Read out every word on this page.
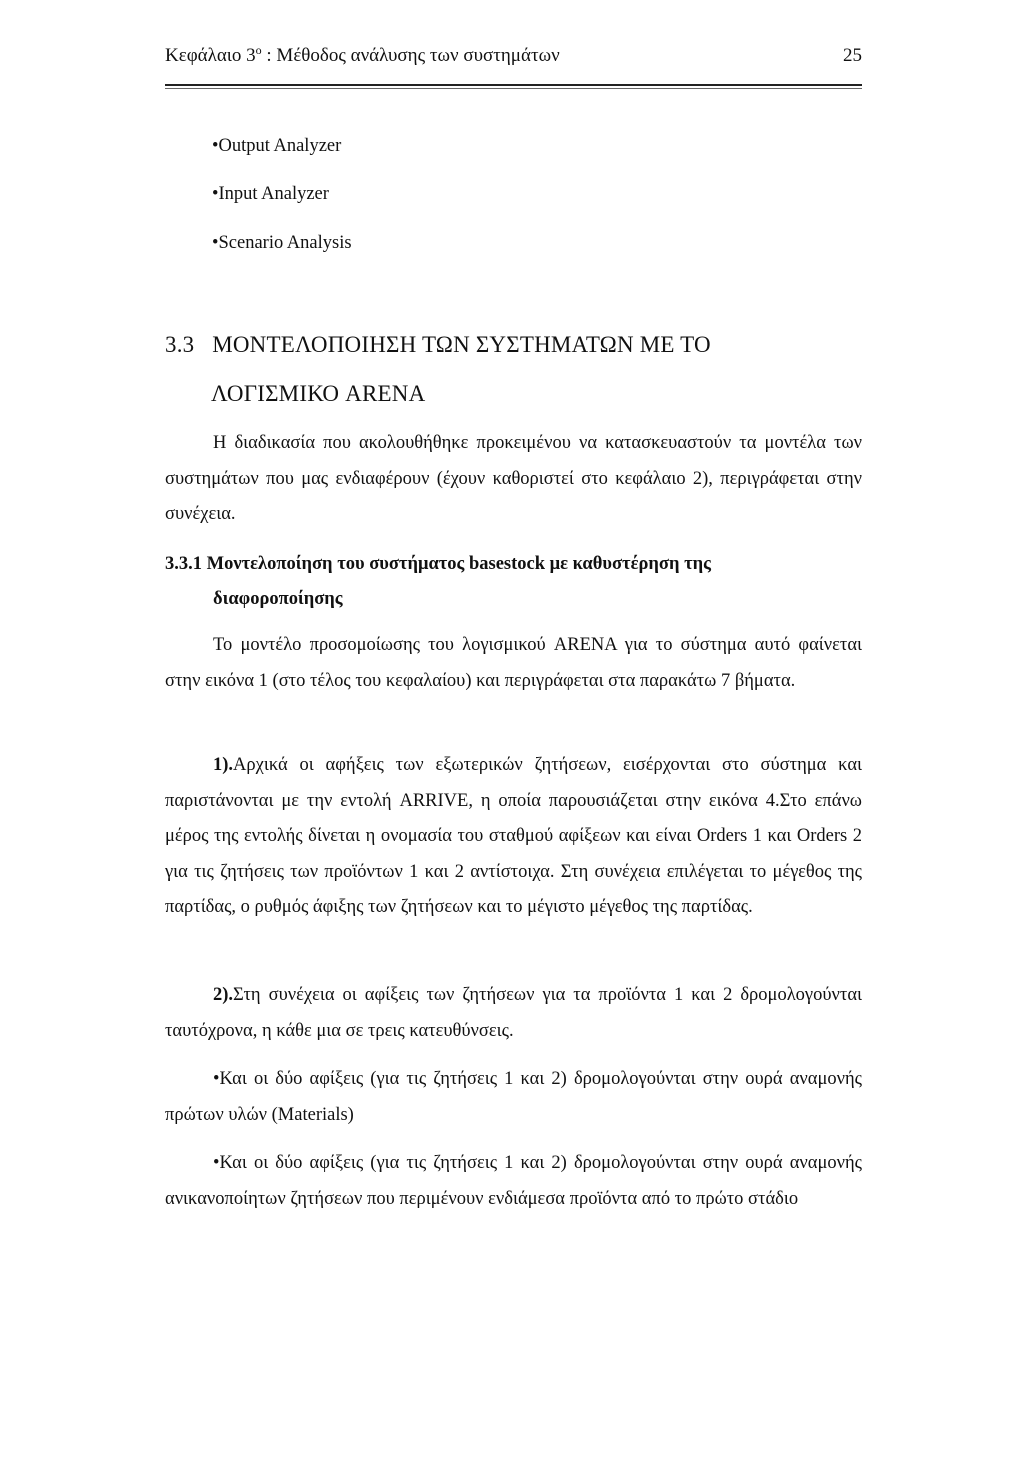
Κεφάλαιο $3^o$ : Μέθοδος ανάλυσης των συστημάτων	25
• Output Analyzer
• Input Analyzer
• Scenario Analysis
3.3 ΜΟΝΤΕΛΟΠΟΙΗΣΗ ΤΩΝ ΣΥΣΤΗΜΑΤΩΝ ΜΕ ΤΟ
ΛΟΓΙΣΜΙΚΟ ARENA
Η διαδικασία που ακολουθήθηκε προκειμένου να κατασκευαστούν τα μοντέλα των συστημάτων που μας ενδιαφέρουν (έχουν καθοριστεί στο κεφάλαιο 2), περιγράφεται στην συνέχεια.
3.3.1 Μοντελοποίηση του συστήματος basestock με καθυστέρηση της
διαφοροποίησης
Το μοντέλο προσομοίωσης του λογισμικού ARENA για το σύστημα αυτό φαίνεται στην εικόνα 1 (στο τέλος του κεφαλαίου) και περιγράφεται στα παρακάτω 7 βήματα.
1).Αρχικά οι αφήξεις των εξωτερικών ζητήσεων, εισέρχονται στο σύστημα και παριστάνονται με την εντολή ARRIVE, η οποία παρουσιάζεται στην εικόνα 4.Στο επάνω μέρος της εντολής δίνεται η ονομασία του σταθμού αφίξεων και είναι Orders 1 και Orders 2 για τις ζητήσεις των προϊόντων 1 και 2 αντίστοιχα. Στη συνέχεια επιλέγεται το μέγεθος της παρτίδας, ο ρυθμός άφιξης των ζητήσεων και το μέγιστο μέγεθος της παρτίδας.
2).Στη συνέχεια οι αφίξεις των ζητήσεων για τα προϊόντα 1 και 2 δρομολογούνται ταυτόχρονα, η κάθε μια σε τρεις κατευθύνσεις.
• Και οι δύο αφίξεις (για τις ζητήσεις 1 και 2) δρομολογούνται στην ουρά αναμονής πρώτων υλών (Materials)
• Και οι δύο αφίξεις (για τις ζητήσεις 1 και 2) δρομολογούνται στην ουρά αναμονής ανικανοποίητων ζητήσεων που περιμένουν ενδιάμεσα προϊόντα από το πρώτο στάδιο
